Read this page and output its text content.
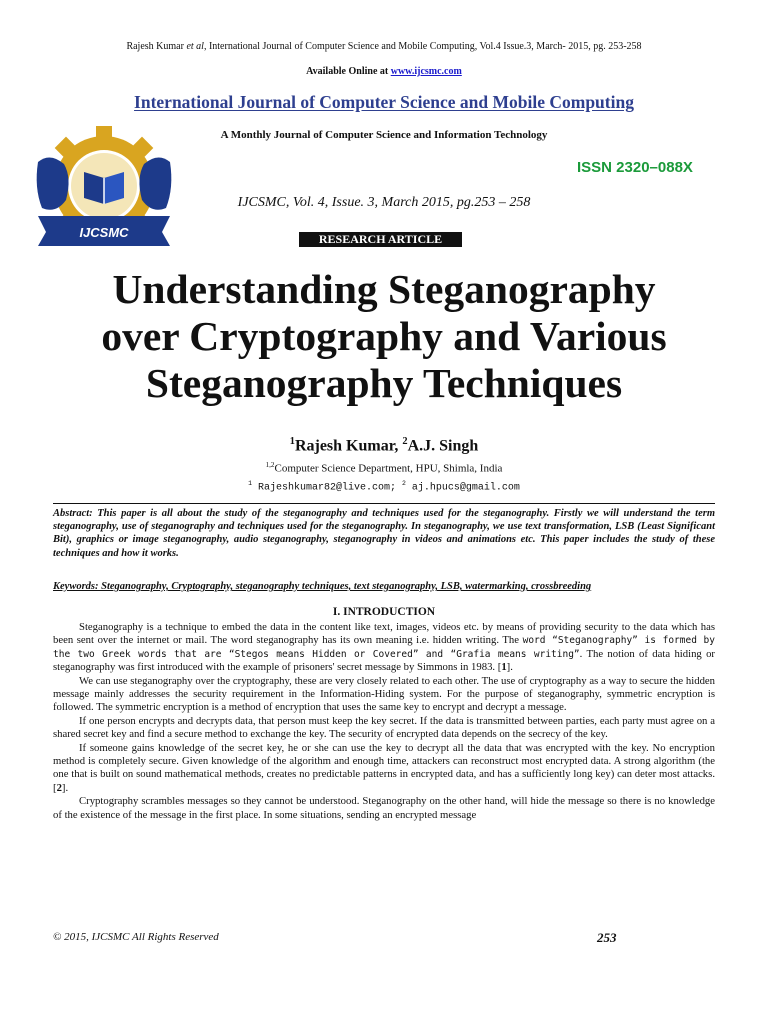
Rajesh Kumar et al, International Journal of Computer Science and Mobile Computing, Vol.4 Issue.3, March- 2015, pg. 253-258
Available Online at www.ijcsmc.com
International Journal of Computer Science and Mobile Computing
A Monthly Journal of Computer Science and Information Technology
IJCSMC
ISSN 2320–088X
IJCSMC, Vol. 4, Issue. 3, March 2015, pg.253 – 258
RESEARCH ARTICLE
Understanding Steganography
over Cryptography and Various
Steganography Techniques
$^1$Rajesh Kumar, $^2$A.J. Singh
$^{1,2}$Computer Science Department, HPU, Shimla, India
$^1$ Rajeshkumar82@live.com; $^2$ aj.hpucs@gmail.com
Abstract: This paper is all about the study of the steganography and techniques used for the steganography. Firstly we will understand the term steganography, use of steganography and techniques used for the steganography. In steganography, we use text transformation, LSB (Least Significant Bit), graphics or image steganography, audio steganography, steganography in videos and animations etc. This paper includes the study of these techniques and how it works.
Keywords: Steganography, Cryptography, steganography techniques, text steganography, LSB, watermarking, crossbreeding
I. INTRODUCTION

Steganography is a technique to embed the data in the content like text, images, videos etc. by means of providing security to the data which has been sent over the internet or mail. The word steganography has its own meaning i.e. hidden writing. The word “Steganography” is formed by the two Greek words that are “Stegos means Hidden or Covered” and “Grafia means writing”. The notion of data hiding or steganography was first introduced with the example of prisoners' secret message by Simmons in 1983. [1].

We can use steganography over the cryptography, these are very closely related to each other. The use of cryptography as a way to secure the hidden message mainly addresses the security requirement in the Information-Hiding system. For the purpose of steganography, symmetric encryption is followed. The symmetric encryption is a method of encryption that uses the same key to encrypt and decrypt a message.

If one person encrypts and decrypts data, that person must keep the key secret. If the data is transmitted between parties, each party must agree on a shared secret key and find a secure method to exchange the key. The security of encrypted data depends on the secrecy of the key.

If someone gains knowledge of the secret key, he or she can use the key to decrypt all the data that was encrypted with the key. No encryption method is completely secure. Given knowledge of the algorithm and enough time, attackers can reconstruct most encrypted data. A strong algorithm (the one that is built on sound mathematical methods, creates no predictable patterns in encrypted data, and has a sufficiently long key) can deter most attacks.[2].

Cryptography scrambles messages so they cannot be understood. Steganography on the other hand, will hide the message so there is no knowledge of the existence of the message in the first place. In some situations, sending an encrypted message

© 2015, IJCSMC All Rights Reserved	253
